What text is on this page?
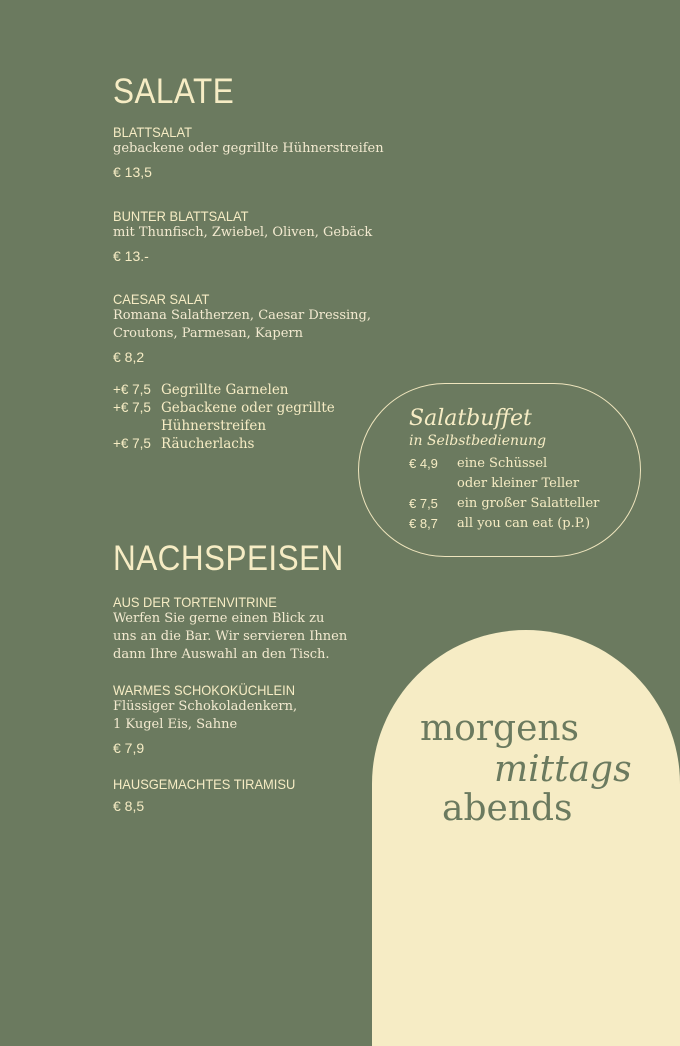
SALATE
BLATTSALAT
gebackene oder gegrillte Hühnerstreifen
€ 13,5
BUNTER BLATTSALAT
mit Thunfisch, Zwiebel, Oliven, Gebäck
€ 13.-
CAESAR SALAT
Romana Salatherzen, Caesar Dressing,
Croutons, Parmesan, Kapern
€ 8,2
+€ 7,5 Gegrillte Garnelen
+€ 7,5 Gebackene oder gegrillte
Hühnerstreifen
+€ 7,5 Räucherlachs
Salatbuffet
in Selbstbedienung
€ 4,9	eine Schüssel
oder kleiner Teller
€ 7,5	ein großer Salatteller
€ 8,7	all you can eat (p.P.)
NACHSPEISEN
AUS DER TORTENVITRINE
Werfen Sie gerne einen Blick zu
uns an die Bar. Wir servieren Ihnen
dann Ihre Auswahl an den Tisch.
WARMES SCHOKOKÜCHLEIN
Flüssiger Schokoladenkern,
1 Kugel Eis, Sahne
€ 7,9
HAUSGEMACHTES TIRAMISU
€ 8,5
morgens
mittags
abends
